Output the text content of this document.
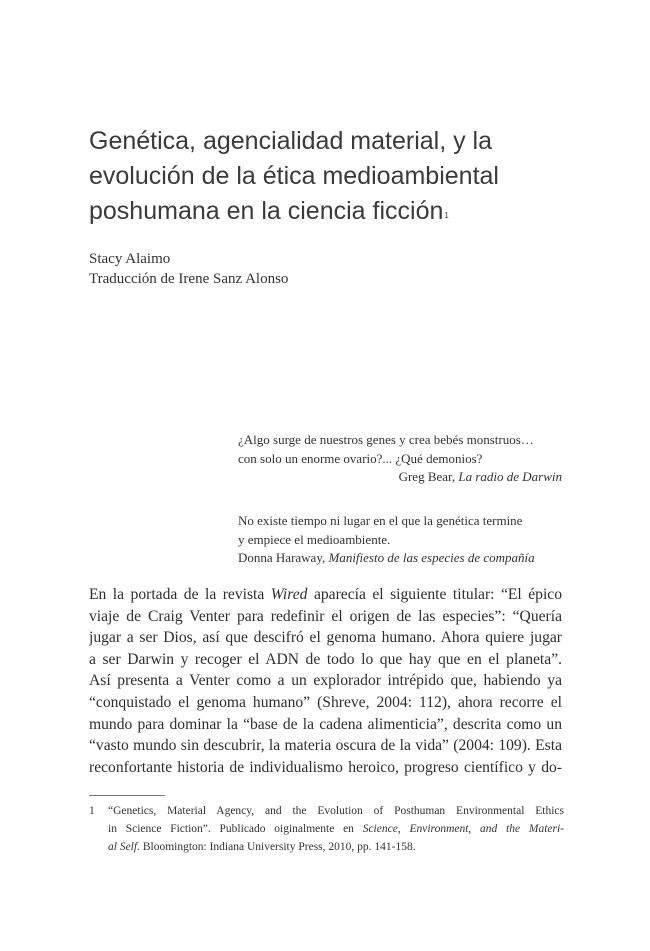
Genética, agencialidad material, y la
evolución de la ética medioambiental
poshumana en la ciencia ficción$^1$
Stacy Alaimo
Traducción de Irene Sanz Alonso
¿Algo surge de nuestros genes y crea bebés monstruos…
con solo un enorme ovario?... ¿Qué demonios?
Greg Bear, La radio de Darwin
No existe tiempo ni lugar en el que la genética termine
y empiece el medioambiente.
Donna Haraway, Manifiesto de las especies de compañía
En la portada de la revista Wired aparecía el siguiente titular: “El épico
viaje de Craig Venter para redefinir el origen de las especies”: “Quería
jugar a ser Dios, así que descifró el genoma humano. Ahora quiere jugar
a ser Darwin y recoger el ADN de todo lo que hay que en el planeta”.
Así presenta a Venter como a un explorador intrépido que, habiendo ya
“conquistado el genoma humano” (Shreve, 2004: 112), ahora recorre el
mundo para dominar la “base de la cadena alimenticia”, descrita como un
“vasto mundo sin descubrir, la materia oscura de la vida” (2004: 109). Esta
reconfortante historia de individualismo heroico, progreso científico y do-
1 “Genetics, Material Agency, and the Evolution of Posthuman Environmental Ethics
in Science Fiction”. Publicado oiginalmente en Science, Environment, and the Materi-
al Self. Bloomington: Indiana University Press, 2010, pp. 141-158.
